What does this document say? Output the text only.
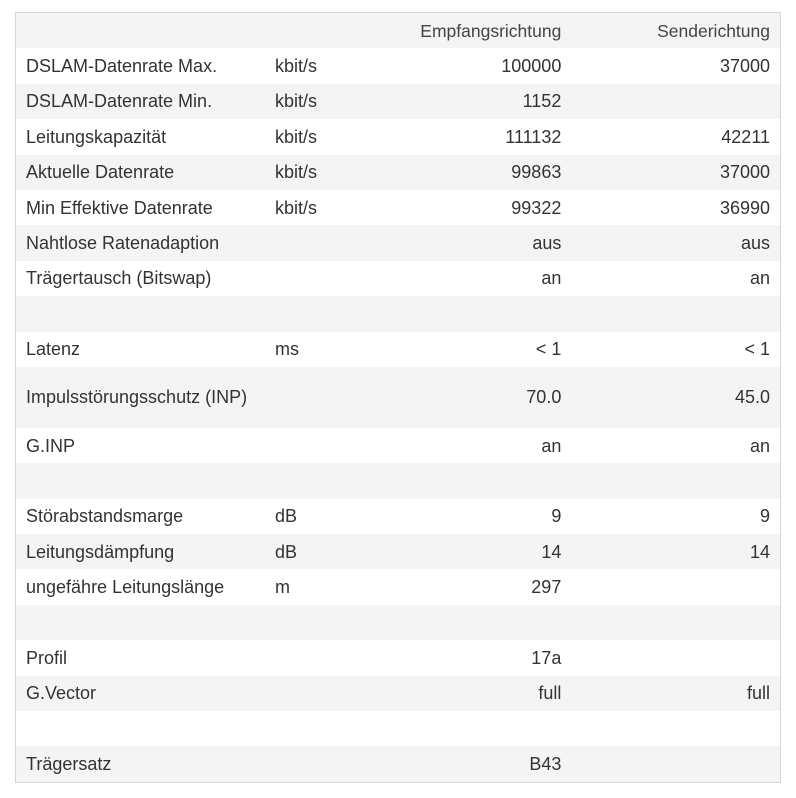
		Empfangsrichtung	Senderichtung
DSLAM-Datenrate Max.	kbit/s	100000	37000
DSLAM-Datenrate Min.	kbit/s	1152	
Leitungskapazität	kbit/s	111132	42211
Aktuelle Datenrate	kbit/s	99863	37000
Min Effektive Datenrate	kbit/s	99322	36990
Nahtlose Ratenadaption		aus	aus
Trägertausch (Bitswap)		an	an

Latenz	ms	< 1	< 1
Impulsstörungsschutz (INP)		70.0	45.0
G.INP		an	an

Störabstandsmarge	dB	9	9
Leitungsdämpfung	dB	14	14
ungefähre Leitungslänge	m	297	

Profil		17a	
G.Vector		full	full

Trägersatz		B43	
